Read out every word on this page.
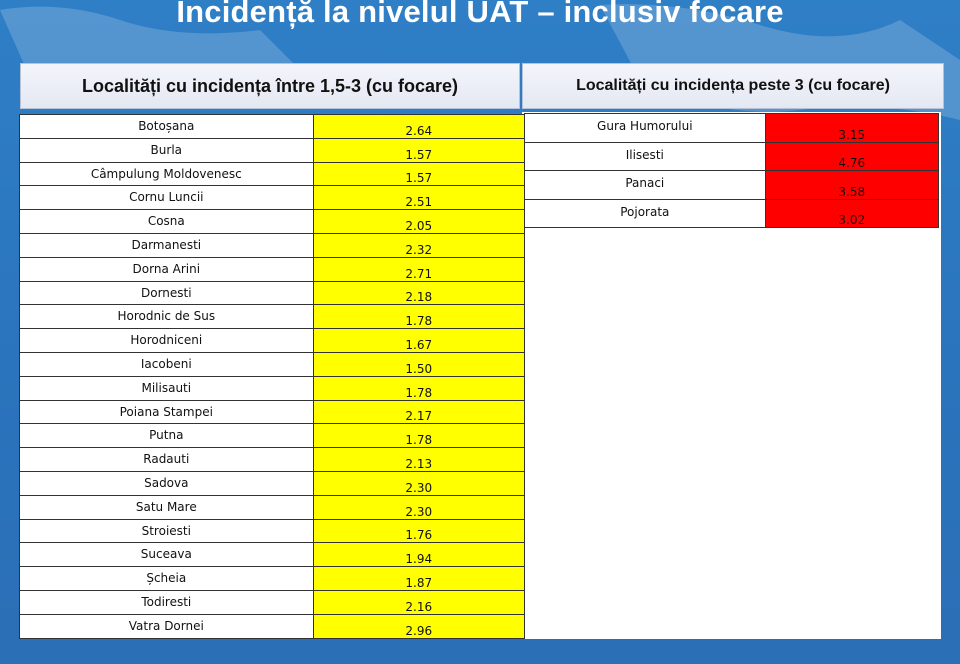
Incidență la nivelul UAT – inclusiv focare
Localități cu incidența între 1,5-3 (cu focare)	Localități cu incidența peste 3 (cu focare)
Botoșana	2.64
Burla	1.57
Câmpulung Moldovenesc	1.57
Cornu Luncii	2.51
Cosna	2.05
Darmanesti	2.32
Dorna Arini	2.71
Dornesti	2.18
Horodnic de Sus	1.78
Horodniceni	1.67
Iacobeni	1.50
Milisauti	1.78
Poiana Stampei	2.17
Putna	1.78
Radauti	2.13
Sadova	2.30
Satu Mare	2.30
Stroiesti	1.76
Suceava	1.94
Șcheia	1.87
Todiresti	2.16
Vatra Dornei	2.96
Gura Humorului	3.15
Ilisesti	4.76
Panaci	3.58
Pojorata	3.02
